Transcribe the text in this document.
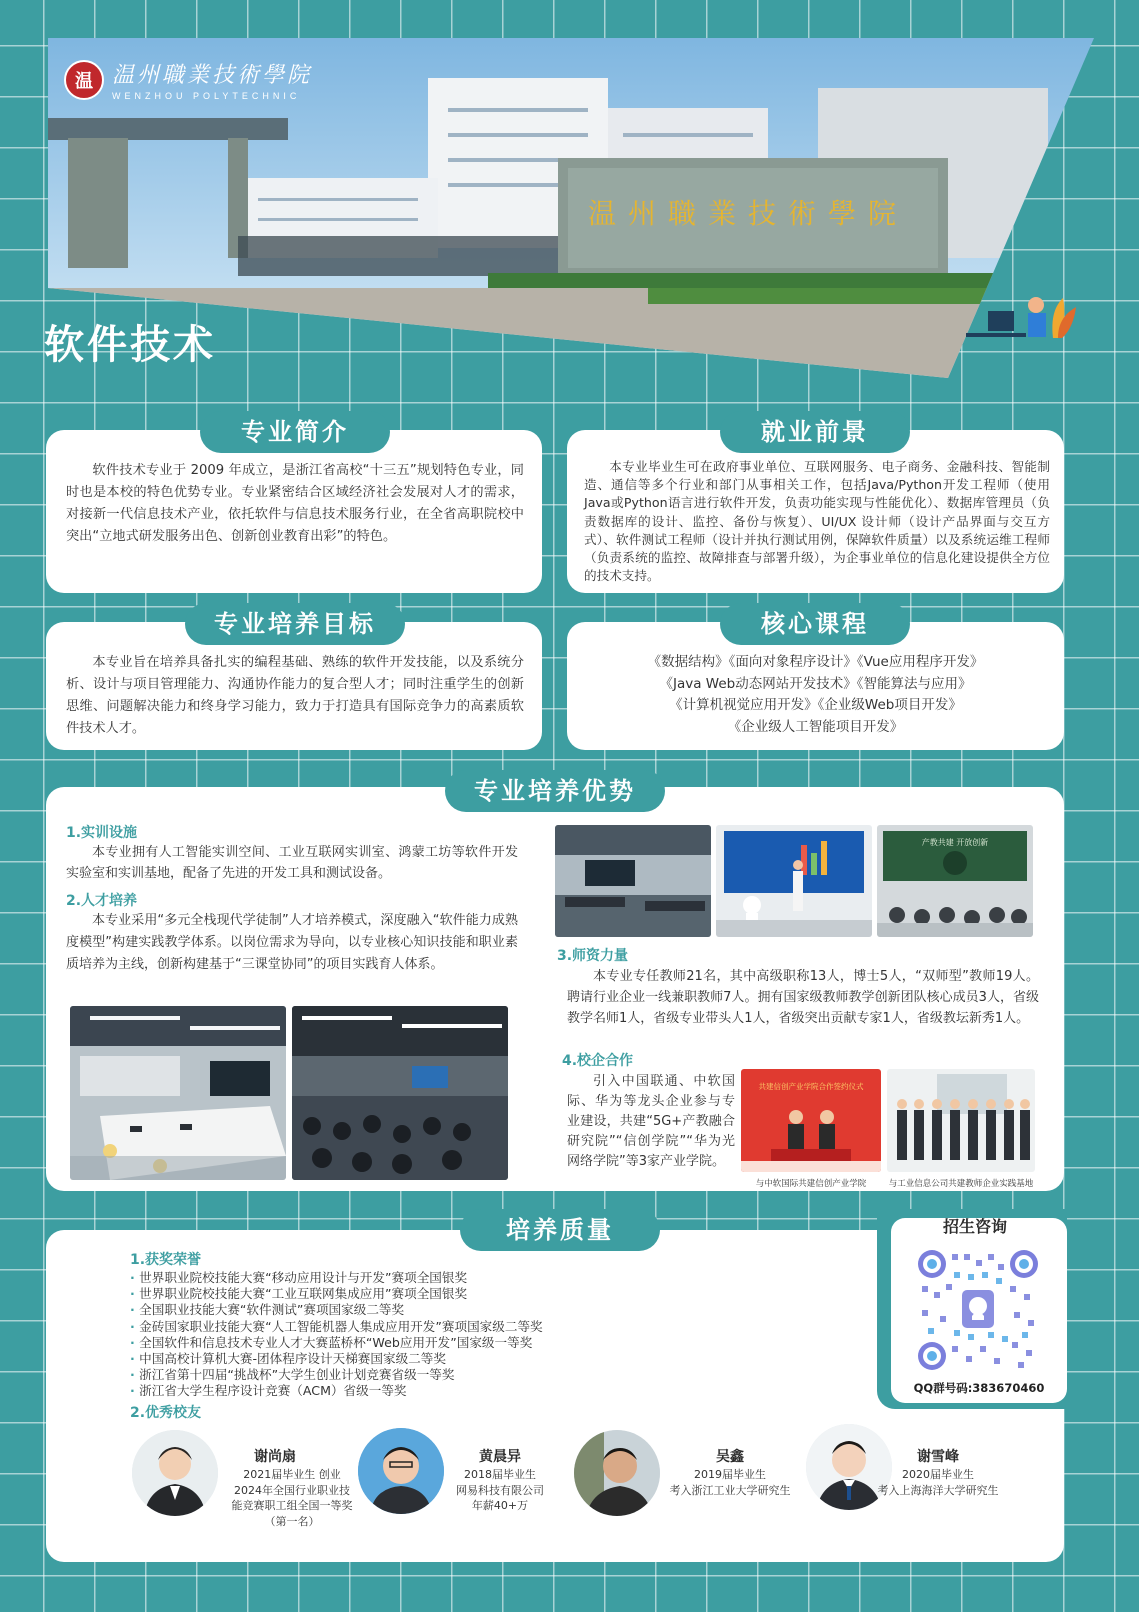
温州職業技術學院
温 温州職業技術學院
WENZHOU POLYTECHNIC
软件技术
专业简介

软件技术专业于 2009 年成立，是浙江省高校“十三五”规划特色专业，同时也是本校的特色优势专业。专业紧密结合区域经济社会发展对人才的需求，对接新一代信息技术产业，依托软件与信息技术服务行业，在全省高职院校中突出“立地式研发服务出色、创新创业教育出彩”的特色。

就业前景

本专业毕业生可在政府事业单位、互联网服务、电子商务、金融科技、智能制造、通信等多个行业和部门从事相关工作，包括Java/Python开发工程师（使用Java或Python语言进行软件开发，负责功能实现与性能优化）、数据库管理员（负责数据库的设计、监控、备份与恢复）、UI/UX 设计师（设计产品界面与交互方式）、软件测试工程师（设计并执行测试用例，保障软件质量）以及系统运维工程师（负责系统的监控、故障排查与部署升级），为企事业单位的信息化建设提供全方位的技术支持。

专业培养目标

本专业旨在培养具备扎实的编程基础、熟练的软件开发技能，以及系统分析、设计与项目管理能力、沟通协作能力的复合型人才；同时注重学生的创新思维、问题解决能力和终身学习能力，致力于打造具有国际竞争力的高素质软件技术人才。

核心课程
《数据结构》《面向对象程序设计》《Vue应用程序开发》
《Java Web动态网站开发技术》《智能算法与应用》
《计算机视觉应用开发》《企业级Web项目开发》
《企业级人工智能项目开发》
专业培养优势
1.实训设施

本专业拥有人工智能实训空间、工业互联网实训室、鸿蒙工坊等软件开发实验室和实训基地，配备了先进的开发工具和测试设备。

2.人才培养

本专业采用“多元全栈现代学徒制”人才培养模式，深度融入“软件能力成熟度模型”构建实践教学体系。以岗位需求为导向，以专业核心知识技能和职业素质培养为主线，创新构建基于“三课堂协同”的项目实践育人体系。

产教共建 开放创新
3.师资力量

本专业专任教师21名，其中高级职称13人，博士5人，“双师型”教师19人。聘请行业企业一线兼职教师7人。拥有国家级教师教学创新团队核心成员3人，省级教学名师1人，省级专业带头人1人，省级突出贡献专家1人，省级教坛新秀1人。

4.校企合作

引入中国联通、中软国际、华为等龙头企业参与专业建设，共建“5G+产教融合研究院”“信创学院”“华为光网络学院”等3家产业学院。

共建信创产业学院合作签约仪式
与中软国际共建信创产业学院	与工业信息公司共建教师企业实践基地
培养质量
1.获奖荣誉
· 世界职业院校技能大赛“移动应用设计与开发”赛项全国银奖
· 世界职业院校技能大赛“工业互联网集成应用”赛项全国银奖
· 全国职业技能大赛“软件测试”赛项国家级二等奖
· 金砖国家职业技能大赛“人工智能机器人集成应用开发”赛项国家级二等奖
· 全国软件和信息技术专业人才大赛蓝桥杯“Web应用开发”国家级一等奖
· 中国高校计算机大赛-团体程序设计天梯赛国家级二等奖
· 浙江省第十四届“挑战杯”大学生创业计划竞赛省级一等奖
· 浙江省大学生程序设计竞赛（ACM）省级一等奖
2.优秀校友
谢尚扇
2021届毕业生 创业
2024年全国行业职业技
能竞赛职工组全国一等奖
（第一名）
黄晨异
2018届毕业生
网易科技有限公司
年薪40+万
吴鑫
2019届毕业生
考入浙江工业大学研究生
谢雪峰
2020届毕业生
考入上海海洋大学研究生
招生咨询
QQ群号码:383670460
